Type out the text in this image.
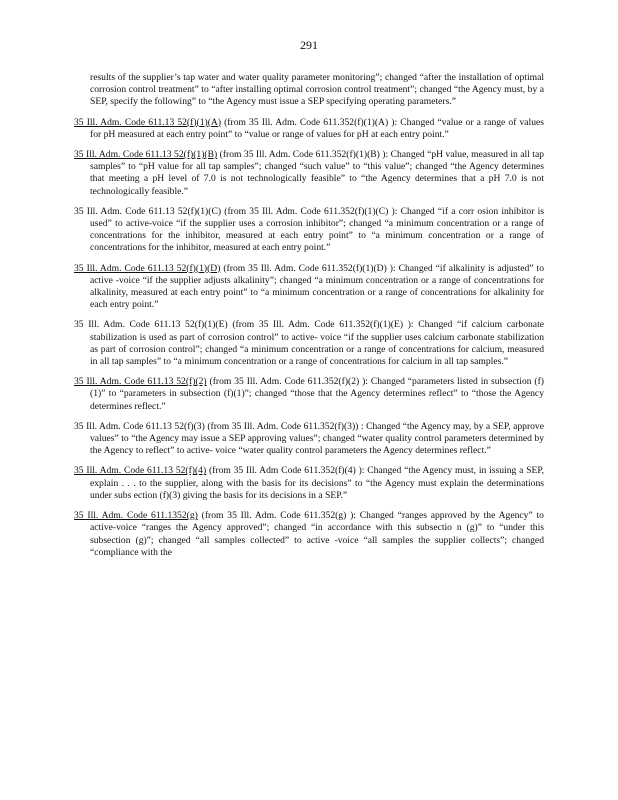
291

results of the supplier’s tap water and water quality parameter monitoring”; changed “after the installation of optimal corrosion control treatment” to “after installing optimal corrosion control treatment”; changed “the Agency must, by a SEP, specify the following” to “the Agency must issue a SEP specifying operating parameters.”

35 Ill. Adm. Code 611.13 52(f)(1)(A) (from 35 Ill. Adm. Code 611.352(f)(1)(A) ): Changed “value or a range of values for pH measured at each entry point” to “value or range of values for pH at each entry point.”

35 Ill. Adm. Code 611.13 52(f)(1)(B) (from 35 Ill. Adm. Code 611.352(f)(1)(B) ): Changed “pH value, measured in all tap samples” to “pH value for all tap samples”; changed “such value” to “this value”; changed “the Agency determines that meeting a pH level of 7.0 is not technologically feasible” to “the Agency determines that a pH 7.0 is not technologically feasible.”

35 Ill. Adm. Code 611.13 52(f)(1)(C) (from 35 Ill. Adm. Code 611.352(f)(1)(C) ): Changed “if a corr osion inhibitor is used” to active-voice “if the supplier uses a corrosion inhibitor”; changed “a minimum concentration or a range of concentrations for the inhibitor, measured at each entry point” to “a minimum concentration or a range of concentrations for the inhibitor, measured at each entry point.”

35 Ill. Adm. Code 611.13 52(f)(1)(D) (from 35 Ill. Adm. Code 611.352(f)(1)(D) ): Changed “if alkalinity is adjusted” to active -voice “if the supplier adjusts alkalinity”; changed “a minimum concentration or a range of concentrations for alkalinity, measured at each entry point” to “a minimum concentration or a range of concentrations for alkalinity for each entry point.”

35 Ill. Adm. Code 611.13 52(f)(1)(E) (from 35 Ill. Adm. Code 611.352(f)(1)(E) ): Changed “if calcium carbonate stabilization is used as part of corrosion control” to active- voice “if the supplier uses calcium carbonate stabilization as part of corrosion control”; changed “a minimum concentration or a range of concentrations for calcium, measured in all tap samples” to “a minimum concentration or a range of concentrations for calcium in all tap samples.”

35 Ill. Adm. Code 611.13 52(f)(2) (from 35 Ill. Adm. Code 611.352(f)(2) ): Changed “parameters listed in subsection (f)(1)” to “parameters in subsection (f)(1)”; changed “those that the Agency determines reflect” to “those the Agency determines reflect.”

35 Ill. Adm. Code 611.13 52(f)(3) (from 35 Ill. Adm. Code 611.352(f)(3)) : Changed “the Agency may, by a SEP, approve values” to “the Agency may issue a SEP approving values”; changed “water quality control parameters determined by the Agency to reflect” to active- voice “water quality control parameters the Agency determines reflect.”

35 Ill. Adm. Code 611.13 52(f)(4) (from 35 Ill. Adm Code 611.352(f)(4) ): Changed “the Agency must, in issuing a SEP, explain . . . to the supplier, along with the basis for its decisions” to “the Agency must explain the determinations under subs ection (f)(3) giving the basis for its decisions in a SEP.”

35 Ill. Adm. Code 611.1352(g) (from 35 Ill. Adm. Code 611.352(g) ): Changed “ranges approved by the Agency” to active-voice “ranges the Agency approved”; changed “in accordance with this subsectio n (g)” to “under this subsection (g)”; changed “all samples collected” to active -voice “all samples the supplier collects”; changed “compliance with the
